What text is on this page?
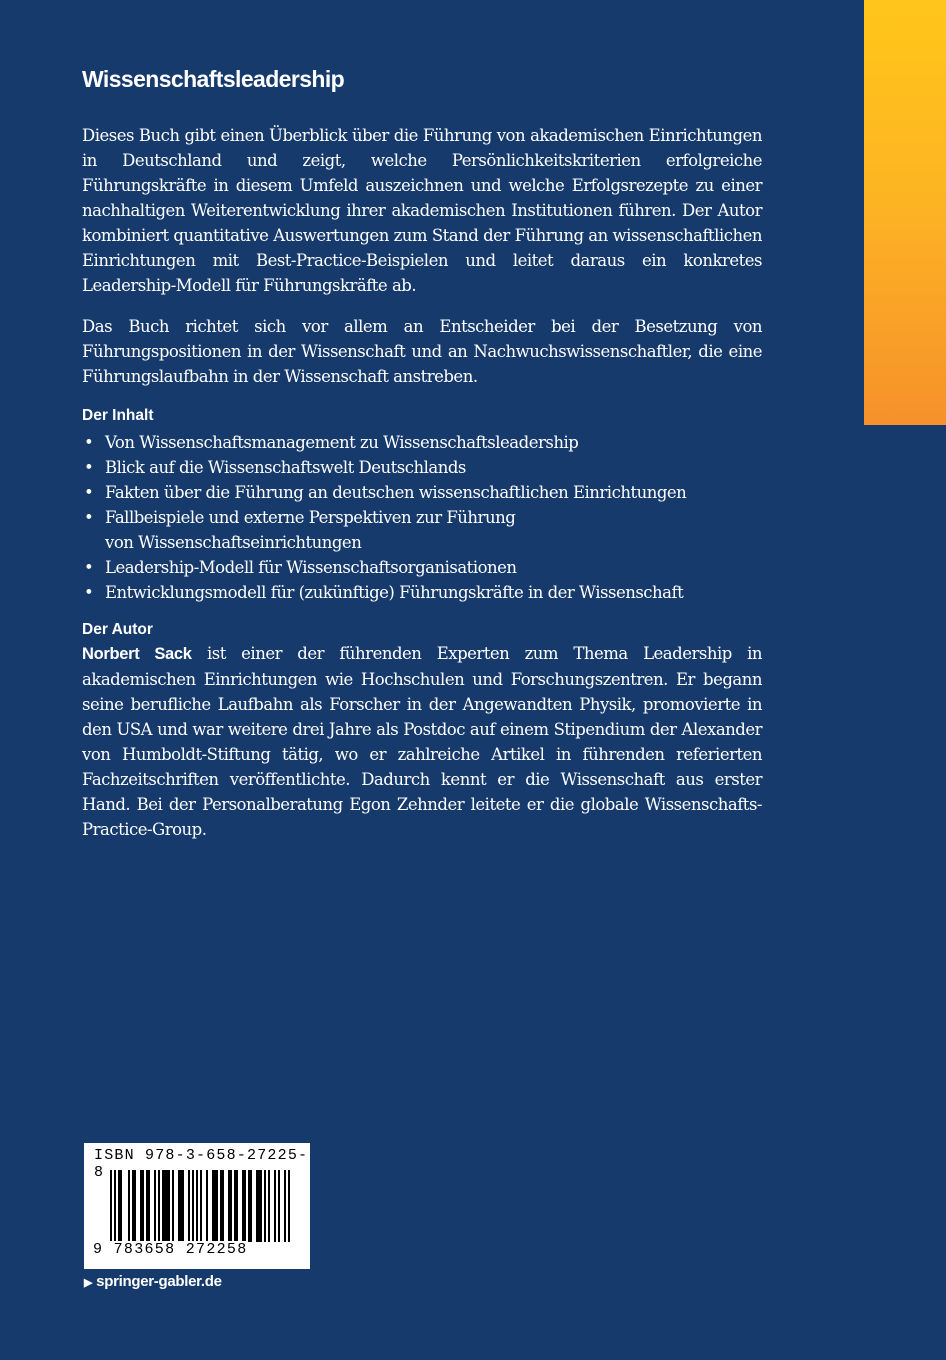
Wissenschaftsleadership

Dieses Buch gibt einen Überblick über die Führung von akademischen Einrichtungen in Deutschland und zeigt, welche Persönlichkeitskriterien erfolgreiche Führungskräfte in diesem Umfeld auszeichnen und welche Erfolgsrezepte zu einer nachhaltigen Weiterentwicklung ihrer akademischen Institutionen führen. Der Autor kombiniert quantitative Auswertungen zum Stand der Führung an wissenschaftlichen Einrichtungen mit Best-Practice-Beispielen und leitet daraus ein konkretes Leadership-Modell für Führungskräfte ab.

Das Buch richtet sich vor allem an Entscheider bei der Besetzung von Führungspositionen in der Wissenschaft und an Nachwuchswissenschaftler, die eine Führungslaufbahn in der Wissenschaft anstreben.

Der Inhalt
• Von Wissenschaftsmanagement zu Wissenschaftsleadership
• Blick auf die Wissenschaftswelt Deutschlands
• Fakten über die Führung an deutschen wissenschaftlichen Einrichtungen
• Fallbeispiele und externe Perspektiven zur Führung von Wissenschaftseinrichtungen
• Leadership-Modell für Wissenschaftsorganisationen
• Entwicklungsmodell für (zukünftige) Führungskräfte in der Wissenschaft
Der Autor

Norbert Sack ist einer der führenden Experten zum Thema Leadership in akademischen Einrichtungen wie Hochschulen und Forschungszentren. Er begann seine berufliche Laufbahn als Forscher in der Angewandten Physik, promovierte in den USA und war weitere drei Jahre als Postdoc auf einem Stipendium der Alexander von Humboldt-Stiftung tätig, wo er zahlreiche Artikel in führenden referierten Fachzeitschriften veröffentlichte. Dadurch kennt er die Wissenschaft aus erster Hand. Bei der Personalberatung Egon Zehnder leitete er die globale Wissenschafts-Practice-Group.

ISBN 978-3-658-27225-8
9 783658 272258
▶ springer-gabler.de
